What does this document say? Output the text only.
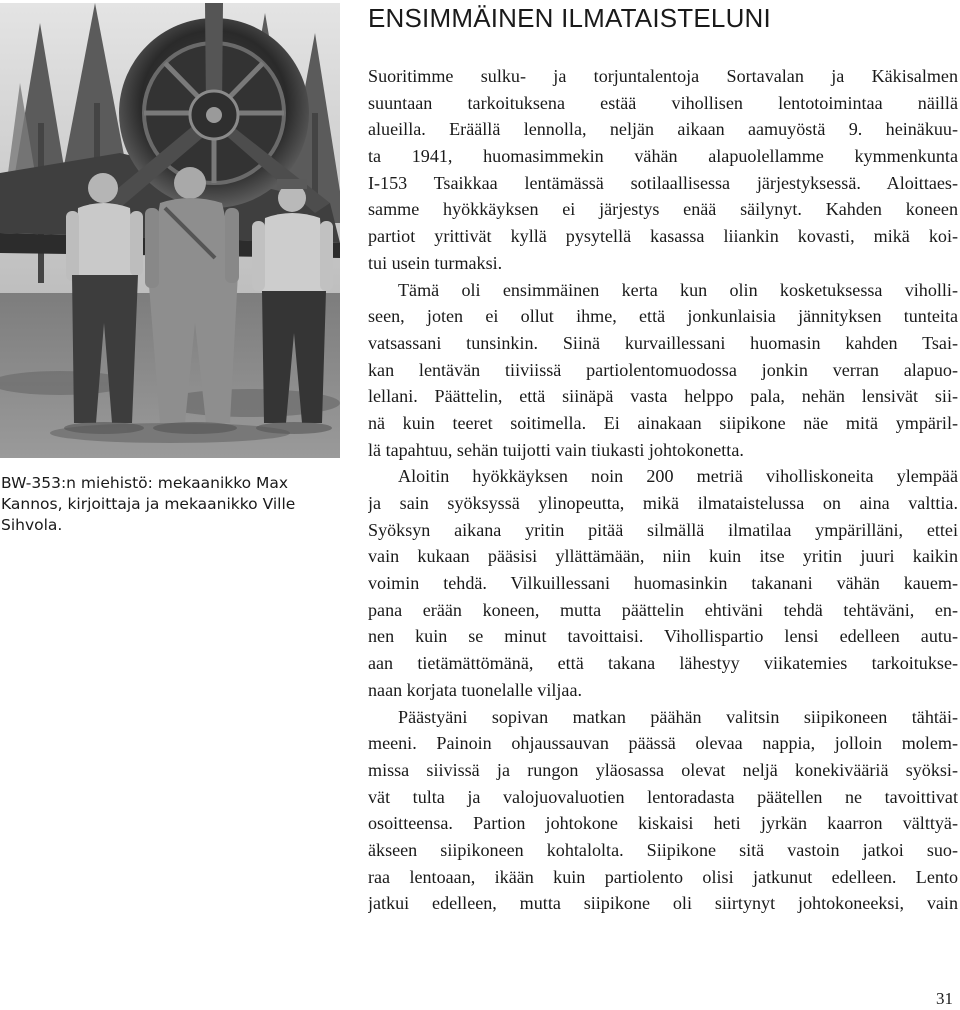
BW-353:n miehistö: mekaanikko Max
Kannos, kirjoittaja ja mekaanikko Ville
Sihvola.
ENSIMMÄINEN ILMATAISTELUNI
Suoritimme sulku- ja torjuntalentoja Sortavalan ja Käkisalmen
suuntaan tarkoituksena estää vihollisen lentotoimintaa näillä
alueilla. Eräällä lennolla, neljän aikaan aamuyöstä 9. heinäkuu-
ta 1941, huomasimmekin vähän alapuolellamme kymmenkunta
I-153 Tsaikkaa lentämässä sotilaallisessa järjestyksessä. Aloittaes-
samme hyökkäyksen ei järjestys enää säilynyt. Kahden koneen
partiot yrittivät kyllä pysytellä kasassa liiankin kovasti, mikä koi-
tui usein turmaksi.
Tämä oli ensimmäinen kerta kun olin kosketuksessa viholli-
seen, joten ei ollut ihme, että jonkunlaisia jännityksen tunteita
vatsassani tunsinkin. Siinä kurvaillessani huomasin kahden Tsai-
kan lentävän tiiviissä partiolentomuodossa jonkin verran alapuo-
lellani. Päättelin, että siinäpä vasta helppo pala, nehän lensivät sii-
nä kuin teeret soitimella. Ei ainakaan siipikone näe mitä ympäril-
lä tapahtuu, sehän tuijotti vain tiukasti johtokonetta.
Aloitin hyökkäyksen noin 200 metriä viholliskoneita ylempää
ja sain syöksyssä ylinopeutta, mikä ilmataistelussa on aina valttia.
Syöksyn aikana yritin pitää silmällä ilmatilaa ympärilläni, ettei
vain kukaan pääsisi yllättämään, niin kuin itse yritin juuri kaikin
voimin tehdä. Vilkuillessani huomasinkin takanani vähän kauem-
pana erään koneen, mutta päättelin ehtiväni tehdä tehtäväni, en-
nen kuin se minut tavoittaisi. Vihollispartio lensi edelleen autu-
aan tietämättömänä, että takana lähestyy viikatemies tarkoitukse-
naan korjata tuonelalle viljaa.
Päästyäni sopivan matkan päähän valitsin siipikoneen tähtäi-
meeni. Painoin ohjaussauvan päässä olevaa nappia, jolloin molem-
missa siivissä ja rungon yläosassa olevat neljä konekivääriä syöksi-
vät tulta ja valojuovaluotien lentoradasta päätellen ne tavoittivat
osoitteensa. Partion johtokone kiskaisi heti jyrkän kaarron välttyä-
äkseen siipikoneen kohtalolta. Siipikone sitä vastoin jatkoi suo-
raa lentoaan, ikään kuin partiolento olisi jatkunut edelleen. Lento
jatkui edelleen, mutta siipikone oli siirtynyt johtokoneeksi, vain
31
